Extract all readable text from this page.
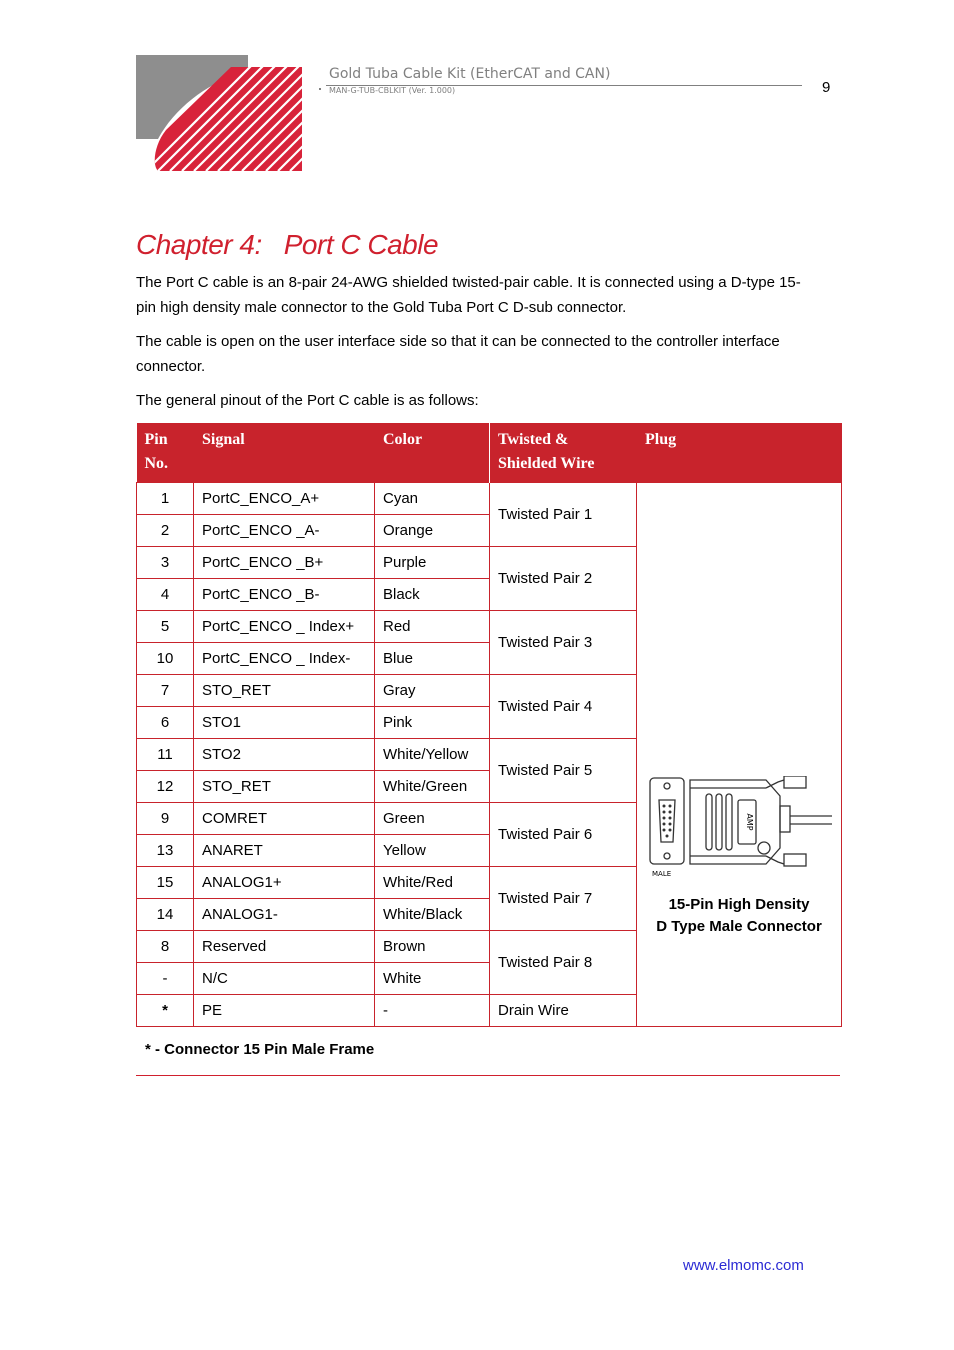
Gold Tuba Cable Kit (EtherCAT and CAN)
MAN-G-TUB-CBLKIT (Ver. 1.000)	9
Chapter 4: Port C Cable
The Port C cable is an 8-pair 24-AWG shielded twisted-pair cable. It is connected using a D-type 15-pin high density male connector to the Gold Tuba Port C D-sub connector.
The cable is open on the user interface side so that it can be connected to the controller interface connector.
The general pinout of the Port C cable is as follows:
Pin No.	Signal	Color	Twisted & Shielded Wire	Plug
1	PortC_ENCO_A+	Cyan	Twisted Pair 1	AMP
MALE
15-Pin High Density
D Type Male Connector

2	PortC_ENCO _A-	Orange		
3	PortC_ENCO _B+	Purple	Twisted Pair 2	
4	PortC_ENCO _B-	Black		
5	PortC_ENCO _ Index+	Red	Twisted Pair 3	
10	PortC_ENCO _ Index-	Blue		
7	STO_RET	Gray	Twisted Pair 4	
6	STO1	Pink		
11	STO2	White/Yellow	Twisted Pair 5	
12	STO_RET	White/Green		
9	COMRET	Green	Twisted Pair 6	
13	ANARET	Yellow		
15	ANALOG1+	White/Red	Twisted Pair 7	
14	ANALOG1-	White/Black		
8	Reserved	Brown	Twisted Pair 8	
-	N/C	White		
*	PE	-	Drain Wire	
* - Connector 15 Pin Male Frame
www.elmomc.com
